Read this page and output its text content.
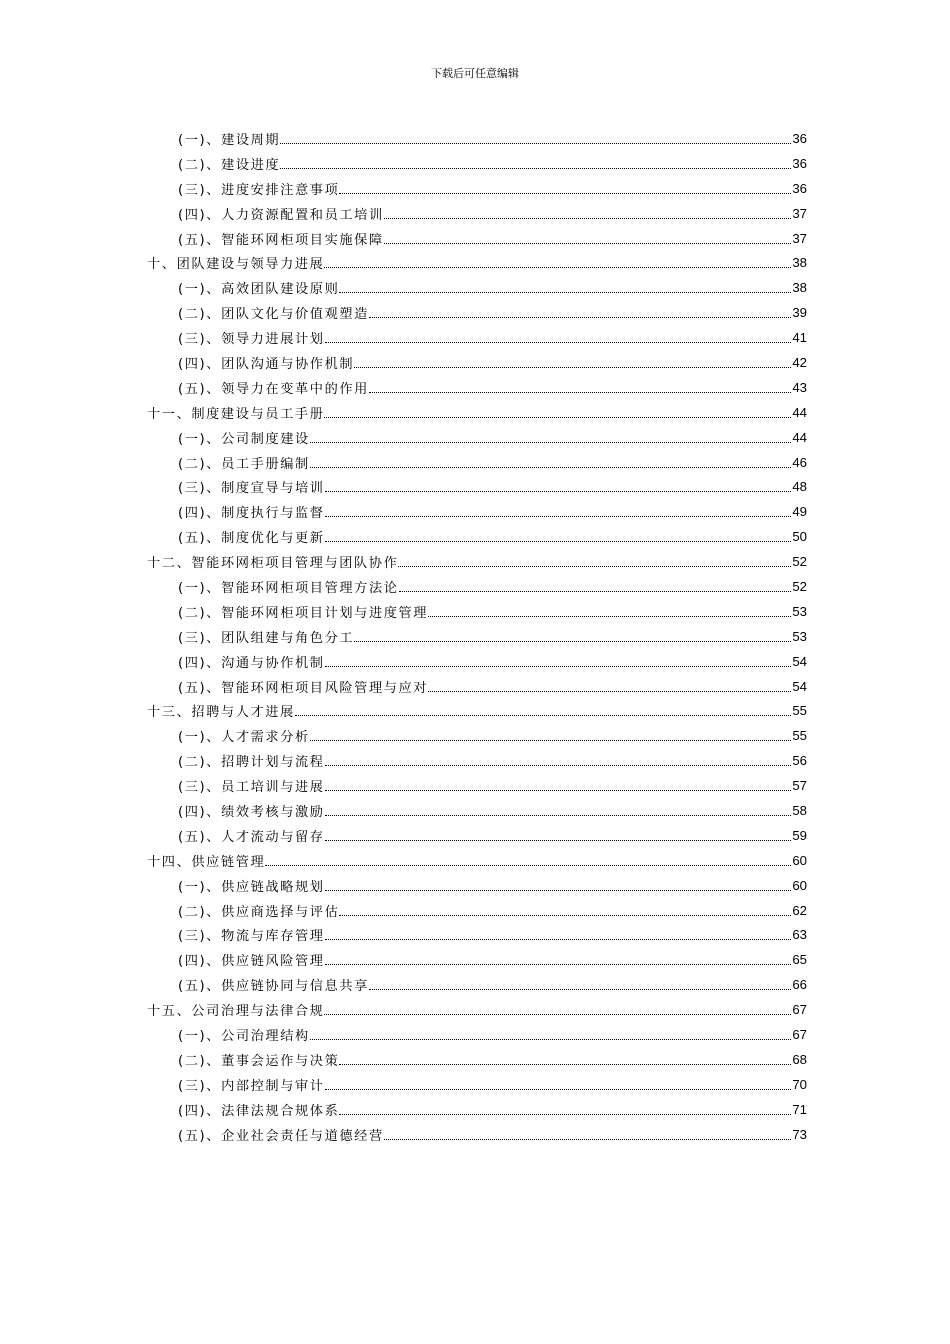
下载后可任意编辑
(一)、建设周期	36
(二)、建设进度	36
(三)、进度安排注意事项	36
(四)、人力资源配置和员工培训	37
(五)、智能环网柜项目实施保障	37
十、团队建设与领导力进展	38
(一)、高效团队建设原则	38
(二)、团队文化与价值观塑造	39
(三)、领导力进展计划	41
(四)、团队沟通与协作机制	42
(五)、领导力在变革中的作用	43
十一、制度建设与员工手册	44
(一)、公司制度建设	44
(二)、员工手册编制	46
(三)、制度宣导与培训	48
(四)、制度执行与监督	49
(五)、制度优化与更新	50
十二、智能环网柜项目管理与团队协作	52
(一)、智能环网柜项目管理方法论	52
(二)、智能环网柜项目计划与进度管理	53
(三)、团队组建与角色分工	53
(四)、沟通与协作机制	54
(五)、智能环网柜项目风险管理与应对	54
十三、招聘与人才进展	55
(一)、人才需求分析	55
(二)、招聘计划与流程	56
(三)、员工培训与进展	57
(四)、绩效考核与激励	58
(五)、人才流动与留存	59
十四、供应链管理	60
(一)、供应链战略规划	60
(二)、供应商选择与评估	62
(三)、物流与库存管理	63
(四)、供应链风险管理	65
(五)、供应链协同与信息共享	66
十五、公司治理与法律合规	67
(一)、公司治理结构	67
(二)、董事会运作与决策	68
(三)、内部控制与审计	70
(四)、法律法规合规体系	71
(五)、企业社会责任与道德经营	73
